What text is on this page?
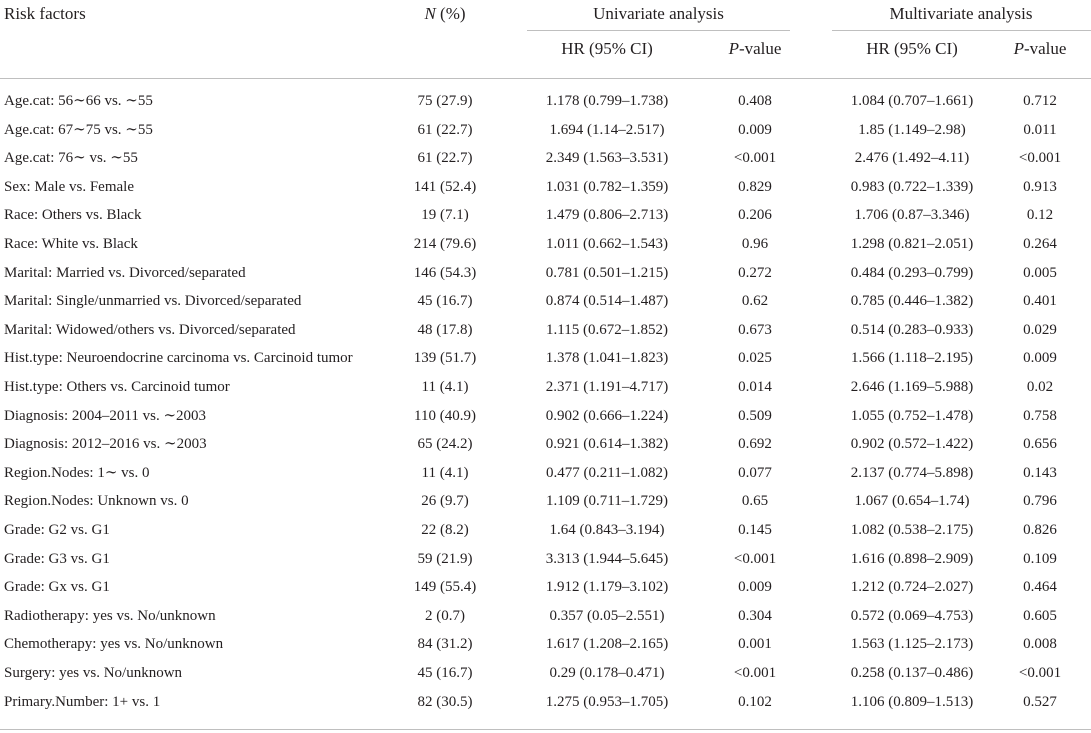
Risk factors	N (%)	Univariate analysis	Multivariate analysis
HR (95% CI)	P-value	HR (95% CI)	P-value
Age.cat: 56∼66 vs. ∼55	75 (27.9)	1.178 (0.799–1.738)	0.408	1.084 (0.707–1.661)	0.712
Age.cat: 67∼75 vs. ∼55	61 (22.7)	1.694 (1.14–2.517)	0.009	1.85 (1.149–2.98)	0.011
Age.cat: 76∼ vs. ∼55	61 (22.7)	2.349 (1.563–3.531)	<0.001	2.476 (1.492–4.11)	<0.001
Sex: Male vs. Female	141 (52.4)	1.031 (0.782–1.359)	0.829	0.983 (0.722–1.339)	0.913
Race: Others vs. Black	19 (7.1)	1.479 (0.806–2.713)	0.206	1.706 (0.87–3.346)	0.12
Race: White vs. Black	214 (79.6)	1.011 (0.662–1.543)	0.96	1.298 (0.821–2.051)	0.264
Marital: Married vs. Divorced/separated	146 (54.3)	0.781 (0.501–1.215)	0.272	0.484 (0.293–0.799)	0.005
Marital: Single/unmarried vs. Divorced/separated	45 (16.7)	0.874 (0.514–1.487)	0.62	0.785 (0.446–1.382)	0.401
Marital: Widowed/others vs. Divorced/separated	48 (17.8)	1.115 (0.672–1.852)	0.673	0.514 (0.283–0.933)	0.029
Hist.type: Neuroendocrine carcinoma vs. Carcinoid tumor	139 (51.7)	1.378 (1.041–1.823)	0.025	1.566 (1.118–2.195)	0.009
Hist.type: Others vs. Carcinoid tumor	11 (4.1)	2.371 (1.191–4.717)	0.014	2.646 (1.169–5.988)	0.02
Diagnosis: 2004–2011 vs. ∼2003	110 (40.9)	0.902 (0.666–1.224)	0.509	1.055 (0.752–1.478)	0.758
Diagnosis: 2012–2016 vs. ∼2003	65 (24.2)	0.921 (0.614–1.382)	0.692	0.902 (0.572–1.422)	0.656
Region.Nodes: 1∼ vs. 0	11 (4.1)	0.477 (0.211–1.082)	0.077	2.137 (0.774–5.898)	0.143
Region.Nodes: Unknown vs. 0	26 (9.7)	1.109 (0.711–1.729)	0.65	1.067 (0.654–1.74)	0.796
Grade: G2 vs. G1	22 (8.2)	1.64 (0.843–3.194)	0.145	1.082 (0.538–2.175)	0.826
Grade: G3 vs. G1	59 (21.9)	3.313 (1.944–5.645)	<0.001	1.616 (0.898–2.909)	0.109
Grade: Gx vs. G1	149 (55.4)	1.912 (1.179–3.102)	0.009	1.212 (0.724–2.027)	0.464
Radiotherapy: yes vs. No/unknown	2 (0.7)	0.357 (0.05–2.551)	0.304	0.572 (0.069–4.753)	0.605
Chemotherapy: yes vs. No/unknown	84 (31.2)	1.617 (1.208–2.165)	0.001	1.563 (1.125–2.173)	0.008
Surgery: yes vs. No/unknown	45 (16.7)	0.29 (0.178–0.471)	<0.001	0.258 (0.137–0.486)	<0.001
Primary.Number: 1+ vs. 1	82 (30.5)	1.275 (0.953–1.705)	0.102	1.106 (0.809–1.513)	0.527
